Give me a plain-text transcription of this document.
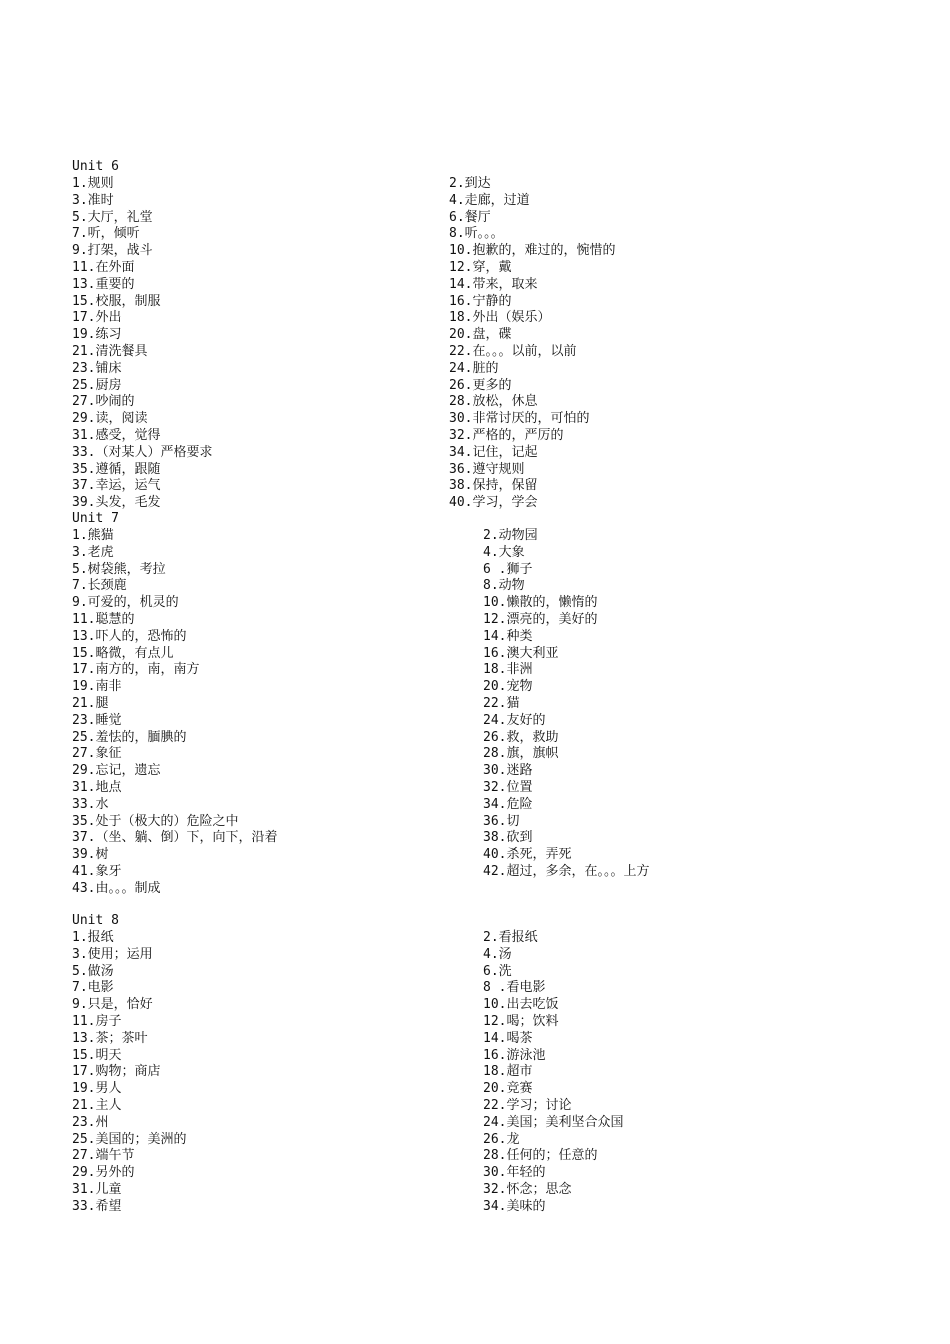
Unit 6
1.规则
3.准时
5.大厅，礼堂
7.听，倾听
9.打架，战斗
11.在外面
13.重要的
15.校服，制服
17.外出
19.练习
21.清洗餐具
23.铺床
25.厨房
27.吵闹的
29.读，阅读
31.感受，觉得
33.（对某人）严格要求
35.遵循，跟随
37.幸运，运气
39.头发，毛发
2.到达
4.走廊，过道
6.餐厅
8.听。。。
10.抱歉的，难过的，惋惜的
12.穿，戴
14.带来，取来
16.宁静的
18.外出（娱乐）
20.盘，碟
22.在。。。以前，以前
24.脏的
26.更多的
28.放松，休息
30.非常讨厌的，可怕的
32.严格的，严厉的
34.记住，记起
36.遵守规则
38.保持，保留
40.学习，学会
Unit 7
1.熊猫
3.老虎
5.树袋熊，考拉
7.长颈鹿
9.可爱的，机灵的
11.聪慧的
13.吓人的，恐怖的
15.略微，有点儿
17.南方的，南，南方
19.南非
21.腿
23.睡觉
25.羞怯的，腼腆的
27.象征
29.忘记，遗忘
31.地点
33.水
35.处于（极大的）危险之中
37.（坐、躺、倒）下，向下，沿着
39.树
41.象牙
43.由。。。制成
2.动物园
4.大象
6 .狮子
8.动物
10.懒散的，懒惰的
12.漂亮的，美好的
14.种类
16.澳大利亚
18.非洲
20.宠物
22.猫
24.友好的
26.救，救助
28.旗，旗帜
30.迷路
32.位置
34.危险
36.切
38.砍到
40.杀死，弄死
42.超过，多余，在。。。上方
Unit 8
1.报纸
3.使用；运用
5.做汤
7.电影
9.只是，恰好
11.房子
13.茶；茶叶
15.明天
17.购物；商店
19.男人
21.主人
23.州
25.美国的；美洲的
27.端午节
29.另外的
31.儿童
33.希望
2.看报纸
4.汤
6.洗
8 .看电影
10.出去吃饭
12.喝；饮料
14.喝茶
16.游泳池
18.超市
20.竞赛
22.学习；讨论
24.美国；美利坚合众国
26.龙
28.任何的；任意的
30.年轻的
32.怀念；思念
34.美味的
